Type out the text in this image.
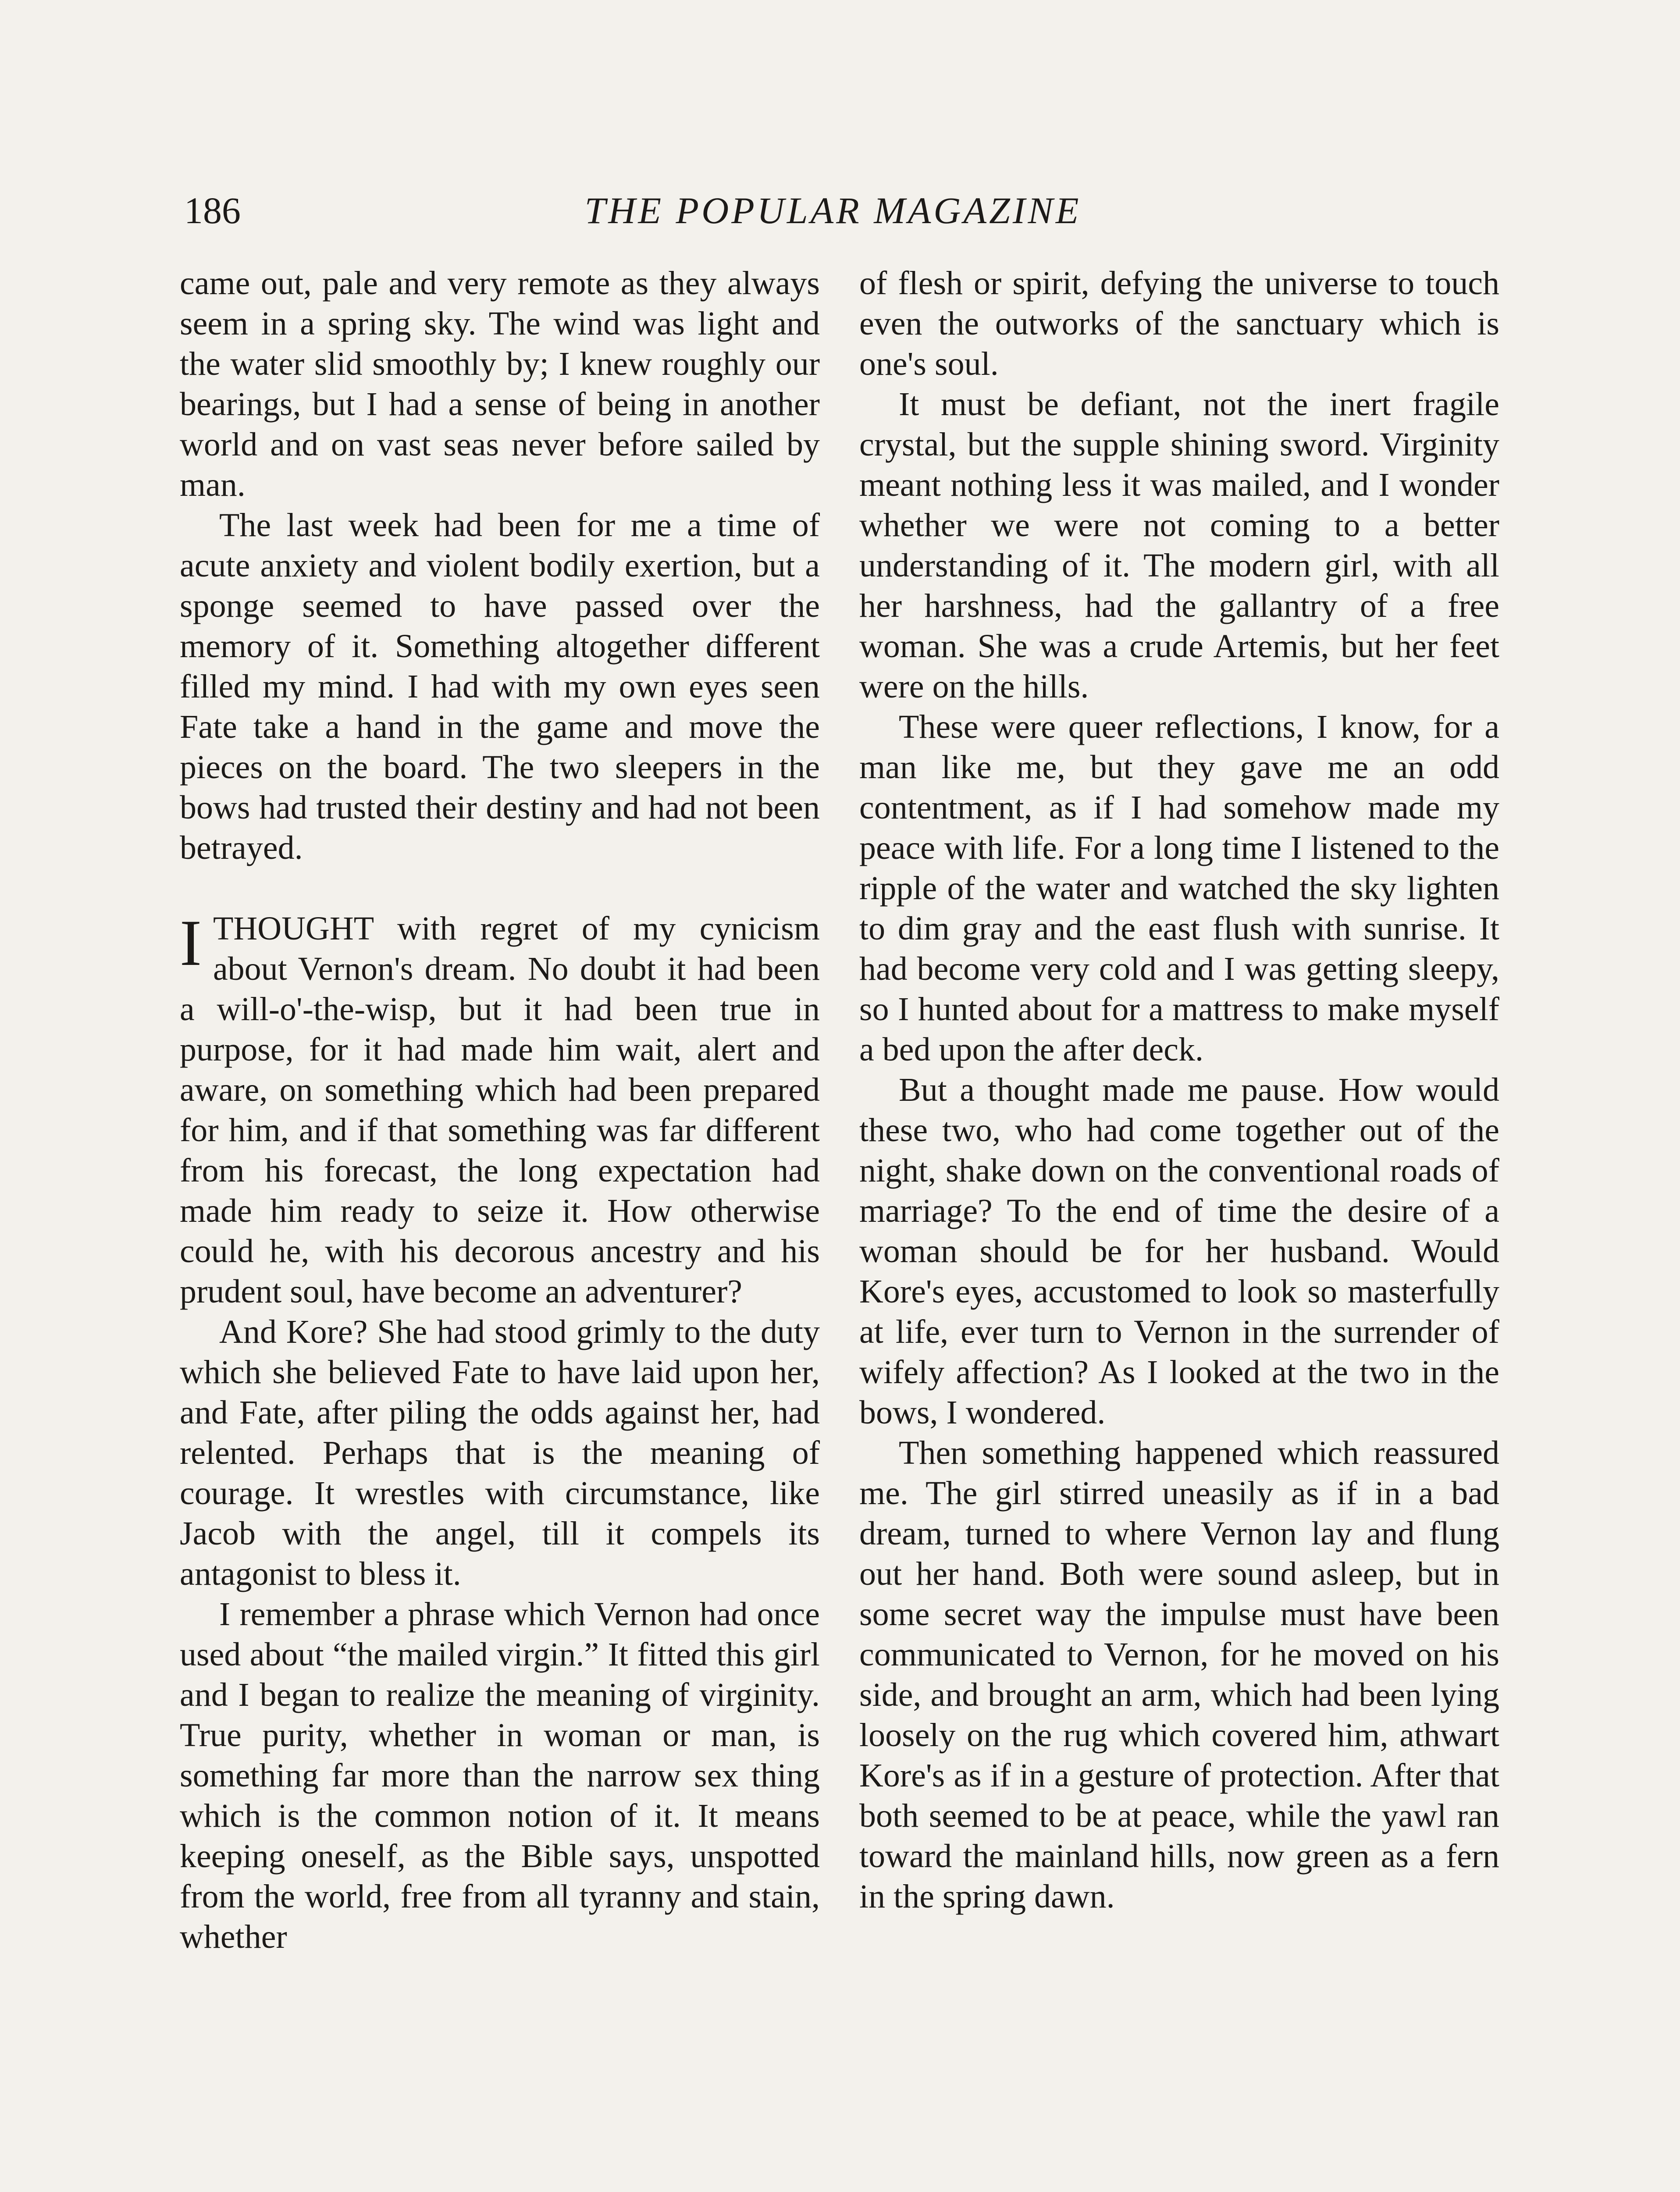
THE POPULAR MAGAZINE
186

came out, pale and very remote as they always seem in a spring sky. The wind was light and the water slid smoothly by; I knew roughly our bearings, but I had a sense of being in another world and on vast seas never before sailed by man.

The last week had been for me a time of acute anxiety and violent bodily exertion, but a sponge seemed to have passed over the memory of it. Something altogether different filled my mind. I had with my own eyes seen Fate take a hand in the game and move the pieces on the board. The two sleepers in the bows had trusted their destiny and had not been betrayed.

ITHOUGHT with regret of my cynicism about Vernon's dream. No doubt it had been a will-o'-the-wisp, but it had been true in purpose, for it had made him wait, alert and aware, on something which had been prepared for him, and if that something was far different from his forecast, the long expectation had made him ready to seize it. How otherwise could he, with his decorous ancestry and his prudent soul, have become an adventurer?

And Kore? She had stood grimly to the duty which she believed Fate to have laid upon her, and Fate, after piling the odds against her, had relented. Perhaps that is the meaning of courage. It wrestles with circumstance, like Jacob with the angel, till it compels its antagonist to bless it.

I remember a phrase which Vernon had once used about “the mailed virgin.” It fitted this girl and I began to realize the meaning of virginity. True purity, whether in woman or man, is something far more than the narrow sex thing which is the common notion of it. It means keeping oneself, as the Bible says, unspotted from the world, free from all tyranny and stain, whether

of flesh or spirit, defying the universe to touch even the outworks of the sanctuary which is one's soul.

It must be defiant, not the inert fragile crystal, but the supple shining sword. Virginity meant nothing less it was mailed, and I wonder whether we were not coming to a better understanding of it. The modern girl, with all her harshness, had the gallantry of a free woman. She was a crude Artemis, but her feet were on the hills.

These were queer reflections, I know, for a man like me, but they gave me an odd contentment, as if I had somehow made my peace with life. For a long time I listened to the ripple of the water and watched the sky lighten to dim gray and the east flush with sunrise. It had become very cold and I was getting sleepy, so I hunted about for a mattress to make myself a bed upon the after deck.

But a thought made me pause. How would these two, who had come together out of the night, shake down on the conventional roads of marriage? To the end of time the desire of a woman should be for her husband. Would Kore's eyes, accustomed to look so masterfully at life, ever turn to Vernon in the surrender of wifely affection? As I looked at the two in the bows, I wondered.

Then something happened which reassured me. The girl stirred uneasily as if in a bad dream, turned to where Vernon lay and flung out her hand. Both were sound asleep, but in some secret way the impulse must have been communicated to Vernon, for he moved on his side, and brought an arm, which had been lying loosely on the rug which covered him, athwart Kore's as if in a gesture of protection. After that both seemed to be at peace, while the yawl ran toward the mainland hills, now green as a fern in the spring dawn.
